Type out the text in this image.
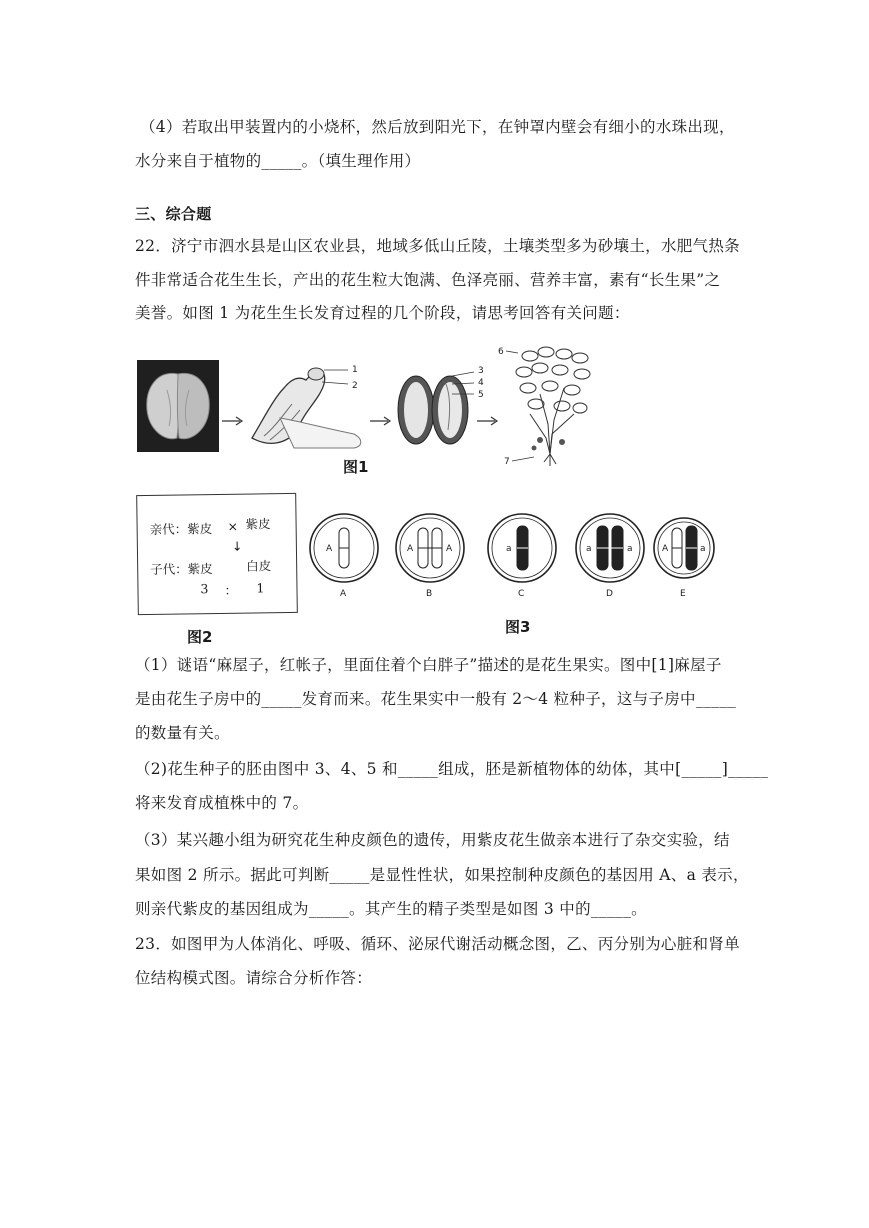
（4）若取出甲装置内的小烧杯，然后放到阳光下，在钟罩内壁会有细小的水珠出现，
水分来自于植物的_____。（填生理作用）
三、综合题
22．济宁市泗水县是山区农业县，地域多低山丘陵，土壤类型多为砂壤土，水肥气热条
件非常适合花生生长，产出的花生粒大饱满、色泽亮丽、营养丰富，素有“长生果”之
美誉。如图 1 为花生生长发育过程的几个阶段，请思考回答有关问题：
1
2
3
4
5
6
7
图1
亲代：紫皮 × 紫皮
↓
子代：紫皮	白皮
3 ： 1
图2
A
A
A	A
B
a
C
a	a
D
A	a
E
图3
（1）谜语“麻屋子，红帐子，里面住着个白胖子”描述的是花生果实。图中[1]麻屋子
是由花生子房中的_____发育而来。花生果实中一般有 2～4 粒种子，这与子房中_____
的数量有关。
（2)花生种子的胚由图中 3、4、5 和_____组成，胚是新植物体的幼体，其中[_____]_____
将来发育成植株中的 7。
（3）某兴趣小组为研究花生种皮颜色的遗传，用紫皮花生做亲本进行了杂交实验，结
果如图 2 所示。据此可判断_____是显性性状，如果控制种皮颜色的基因用 A、a 表示，
则亲代紫皮的基因组成为_____。其产生的精子类型是如图 3 中的_____。
23．如图甲为人体消化、呼吸、循环、泌尿代谢活动概念图，乙、丙分别为心脏和肾单
位结构模式图。请综合分析作答：
